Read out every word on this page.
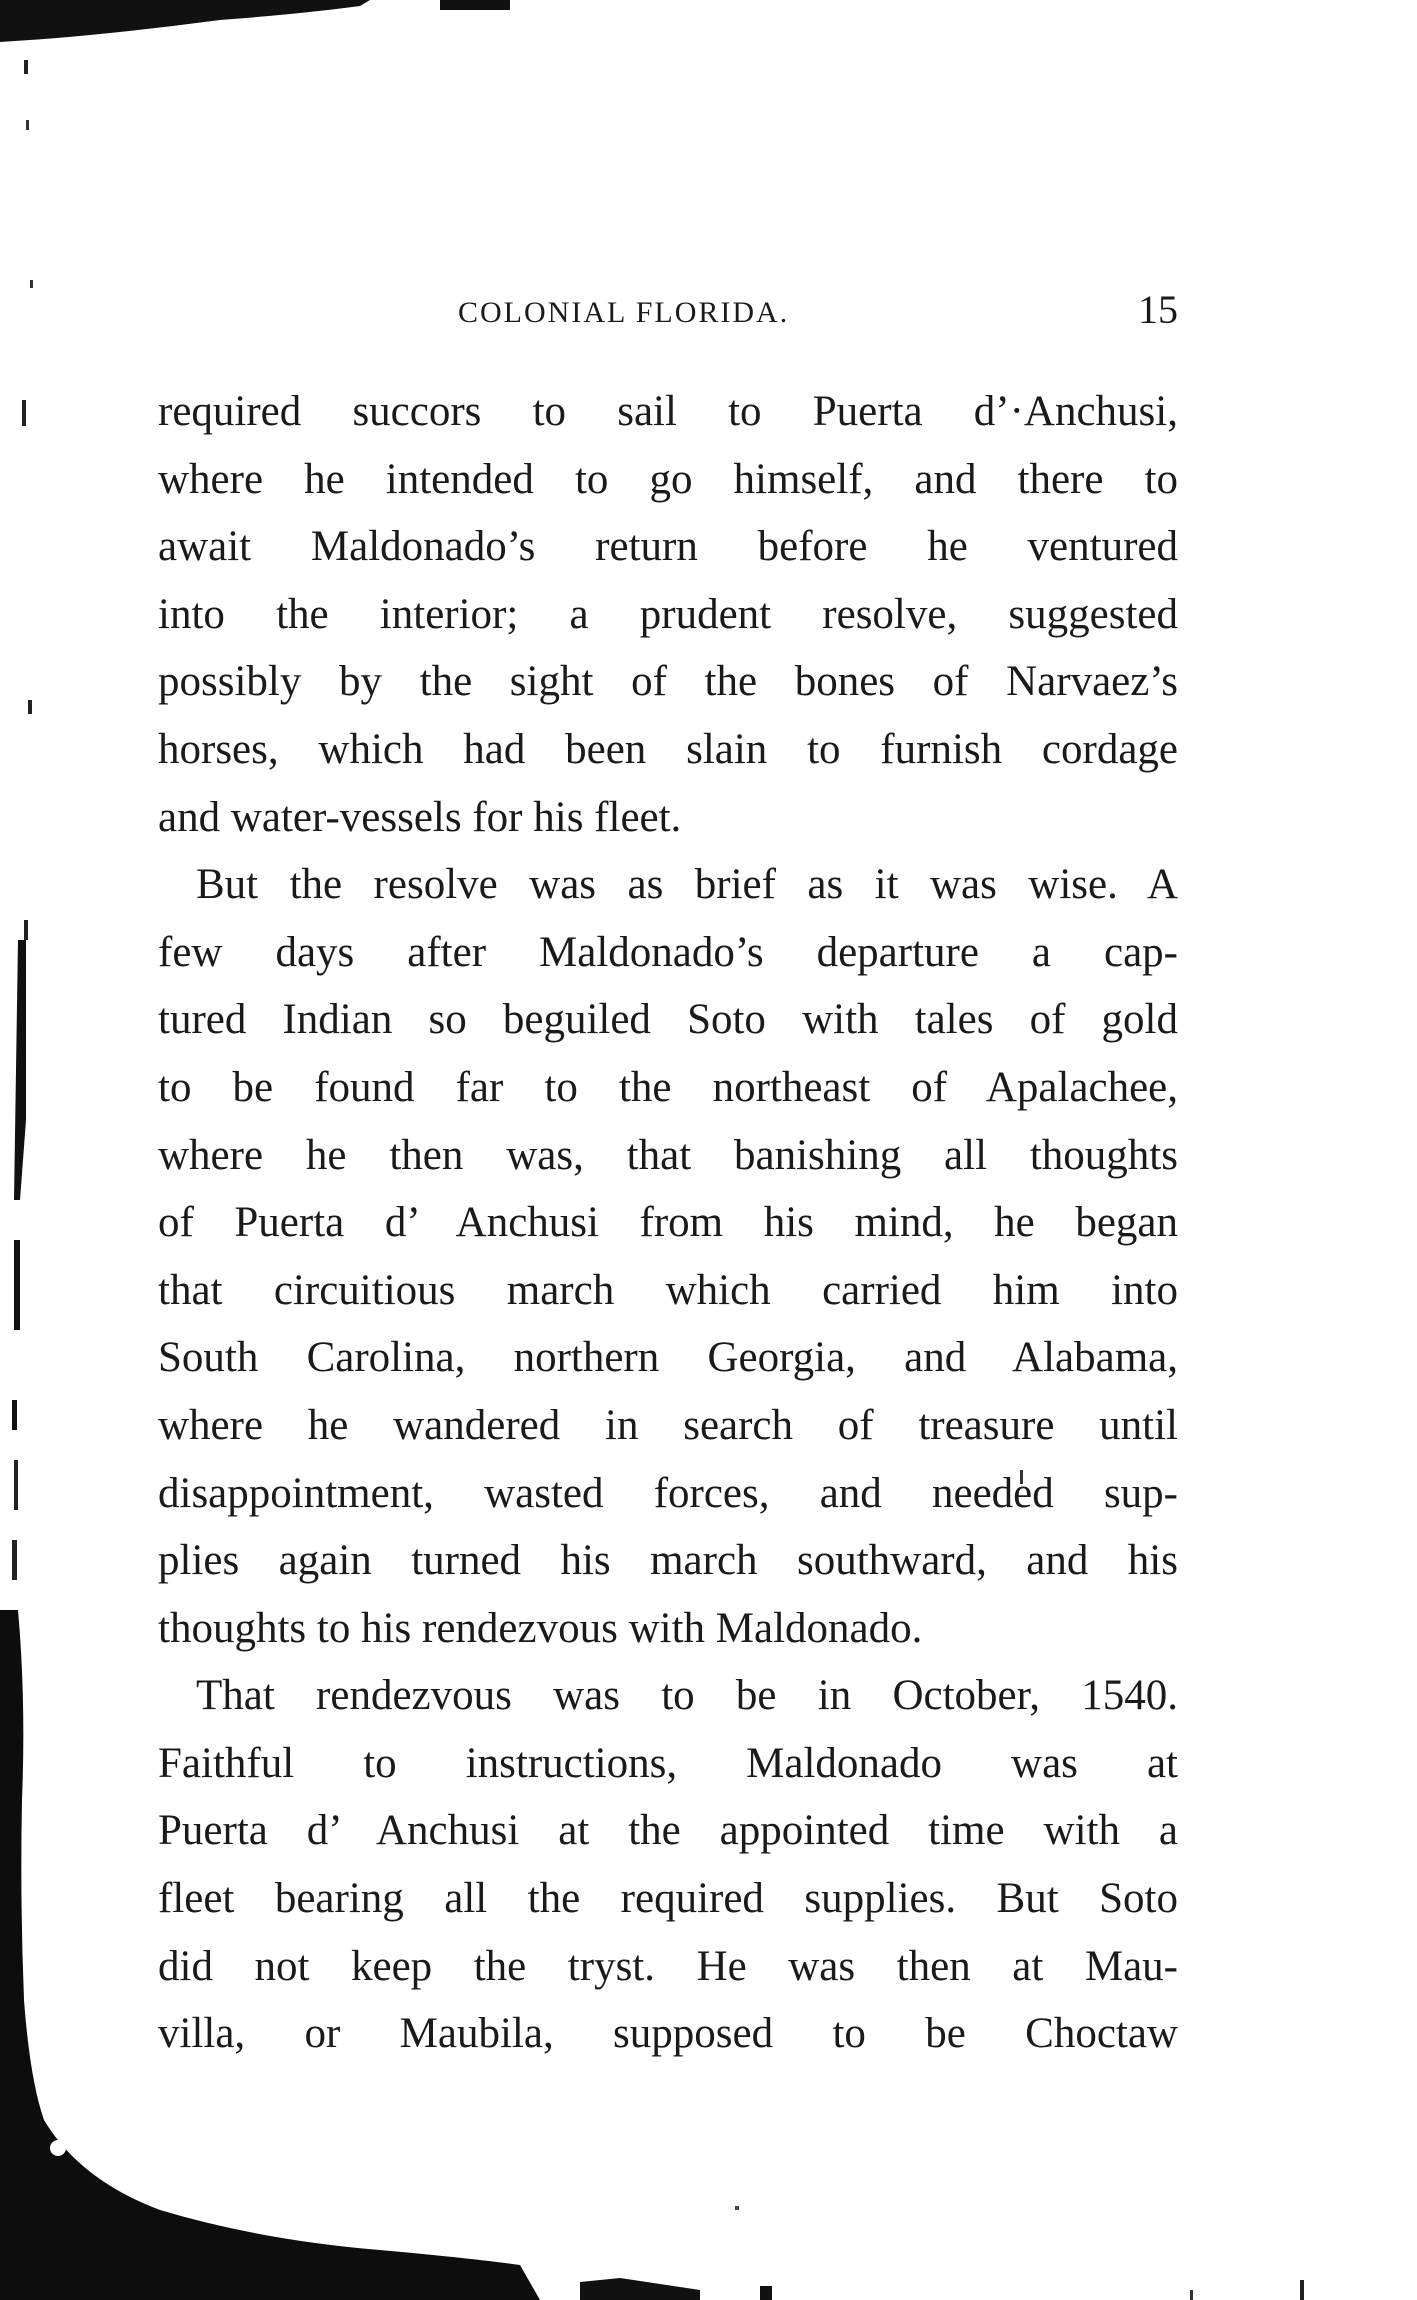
COLONIAL FLORIDA.	15
required succors to sail to Puerta d’·Anchusi,
where he intended to go himself, and there to
await Maldonado’s return before he ventured
into the interior; a prudent resolve, suggested
possibly by the sight of the bones of Narvaez’s
horses, which had been slain to furnish cordage
and water-vessels for his fleet.
But the resolve was as brief as it was wise. A
few days after Maldonado’s departure a cap-
tured Indian so beguiled Soto with tales of gold
to be found far to the northeast of Apalachee,
where he then was, that banishing all thoughts
of Puerta d’ Anchusi from his mind, he began
that circuitious march which carried him into
South Carolina, northern Georgia, and Alabama,
where he wandered in search of treasure until
disappointment, wasted forces, and needed sup-
plies again turned his march southward, and his
thoughts to his rendezvous with Maldonado.
That rendezvous was to be in October, 1540.
Faithful to instructions, Maldonado was at
Puerta d’ Anchusi at the appointed time with a
fleet bearing all the required supplies. But Soto
did not keep the tryst. He was then at Mau-
villa, or Maubila, supposed to be Choctaw
